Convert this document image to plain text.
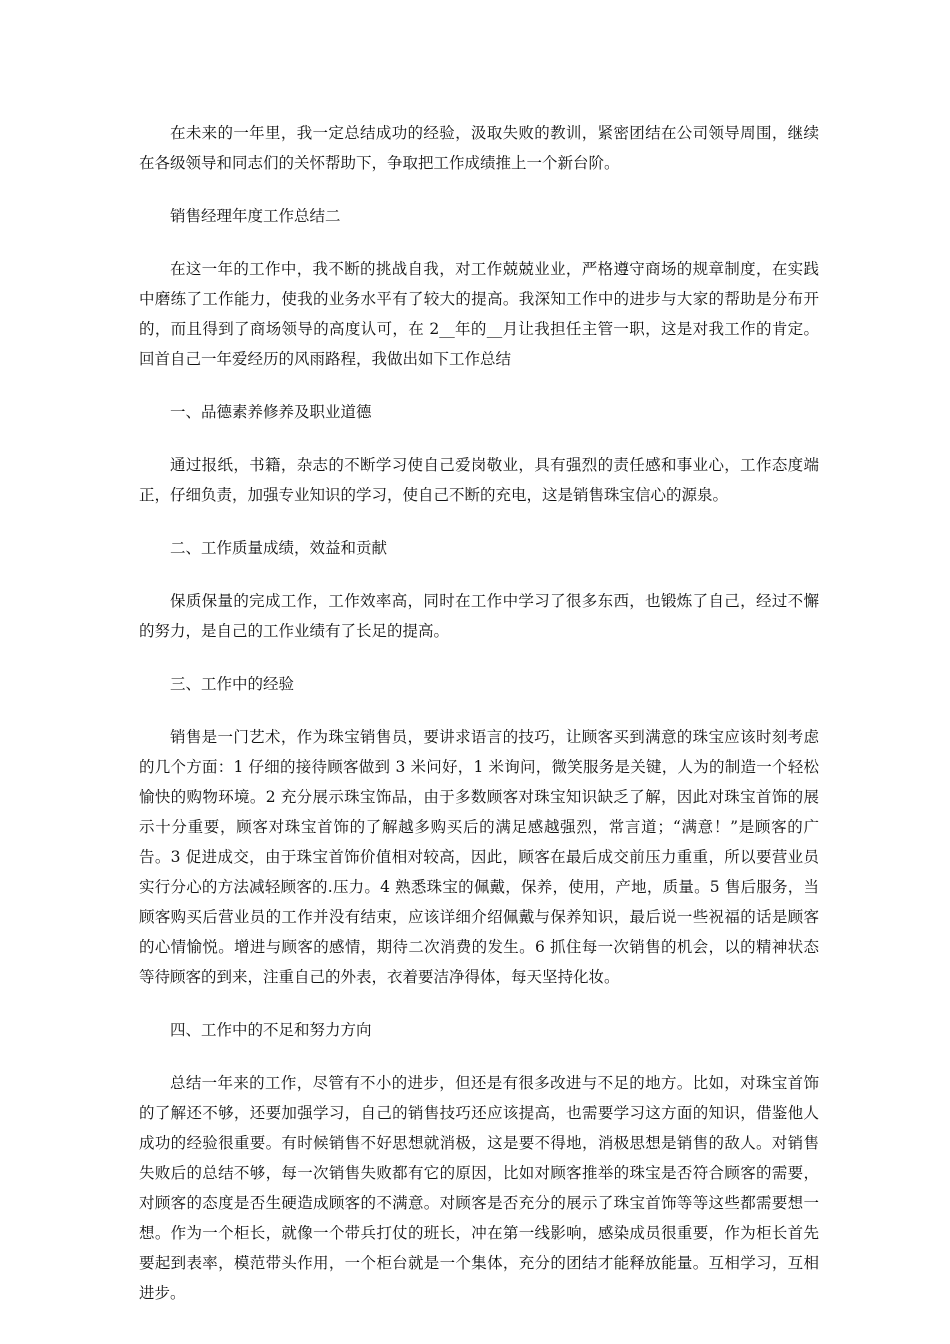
在未来的一年里，我一定总结成功的经验，汲取失败的教训，紧密团结在公司领导周围，继续在各级领导和同志们的关怀帮助下，争取把工作成绩推上一个新台阶。

销售经理年度工作总结二

在这一年的工作中，我不断的挑战自我，对工作兢兢业业，严格遵守商场的规章制度，在实践中磨练了工作能力，使我的业务水平有了较大的提高。我深知工作中的进步与大家的帮助是分布开的，而且得到了商场领导的高度认可，在 2__年的__月让我担任主管一职，这是对我工作的肯定。回首自己一年爱经历的风雨路程，我做出如下工作总结

一、品德素养修养及职业道德

通过报纸，书籍，杂志的不断学习使自己爱岗敬业，具有强烈的责任感和事业心，工作态度端正，仔细负责，加强专业知识的学习，使自己不断的充电，这是销售珠宝信心的源泉。

二、工作质量成绩，效益和贡献

保质保量的完成工作，工作效率高，同时在工作中学习了很多东西，也锻炼了自己，经过不懈的努力，是自己的工作业绩有了长足的提高。

三、工作中的经验

销售是一门艺术，作为珠宝销售员，要讲求语言的技巧，让顾客买到满意的珠宝应该时刻考虑的几个方面：1 仔细的接待顾客做到 3 米问好，1 米询问，微笑服务是关键，人为的制造一个轻松愉快的购物环境。2 充分展示珠宝饰品，由于多数顾客对珠宝知识缺乏了解，因此对珠宝首饰的展示十分重要，顾客对珠宝首饰的了解越多购买后的满足感越强烈，常言道；“满意！”是顾客的广告。3 促进成交，由于珠宝首饰价值相对较高，因此，顾客在最后成交前压力重重，所以要营业员实行分心的方法减轻顾客的.压力。4 熟悉珠宝的佩戴，保养，使用，产地，质量。5 售后服务，当顾客购买后营业员的工作并没有结束，应该详细介绍佩戴与保养知识，最后说一些祝福的话是顾客的心情愉悦。增进与顾客的感情，期待二次消费的发生。6 抓住每一次销售的机会，以的精神状态等待顾客的到来，注重自己的外表，衣着要洁净得体，每天坚持化妆。

四、工作中的不足和努力方向

总结一年来的工作，尽管有不小的进步，但还是有很多改进与不足的地方。比如，对珠宝首饰的了解还不够，还要加强学习，自己的销售技巧还应该提高，也需要学习这方面的知识，借鉴他人成功的经验很重要。有时候销售不好思想就消极，这是要不得地，消极思想是销售的敌人。对销售失败后的总结不够，每一次销售失败都有它的原因，比如对顾客推举的珠宝是否符合顾客的需要，对顾客的态度是否生硬造成顾客的不满意。对顾客是否充分的展示了珠宝首饰等等这些都需要想一想。作为一个柜长，就像一个带兵打仗的班长，冲在第一线影响，感染成员很重要，作为柜长首先要起到表率，模范带头作用，一个柜台就是一个集体，充分的团结才能释放能量。互相学习，互相进步。
